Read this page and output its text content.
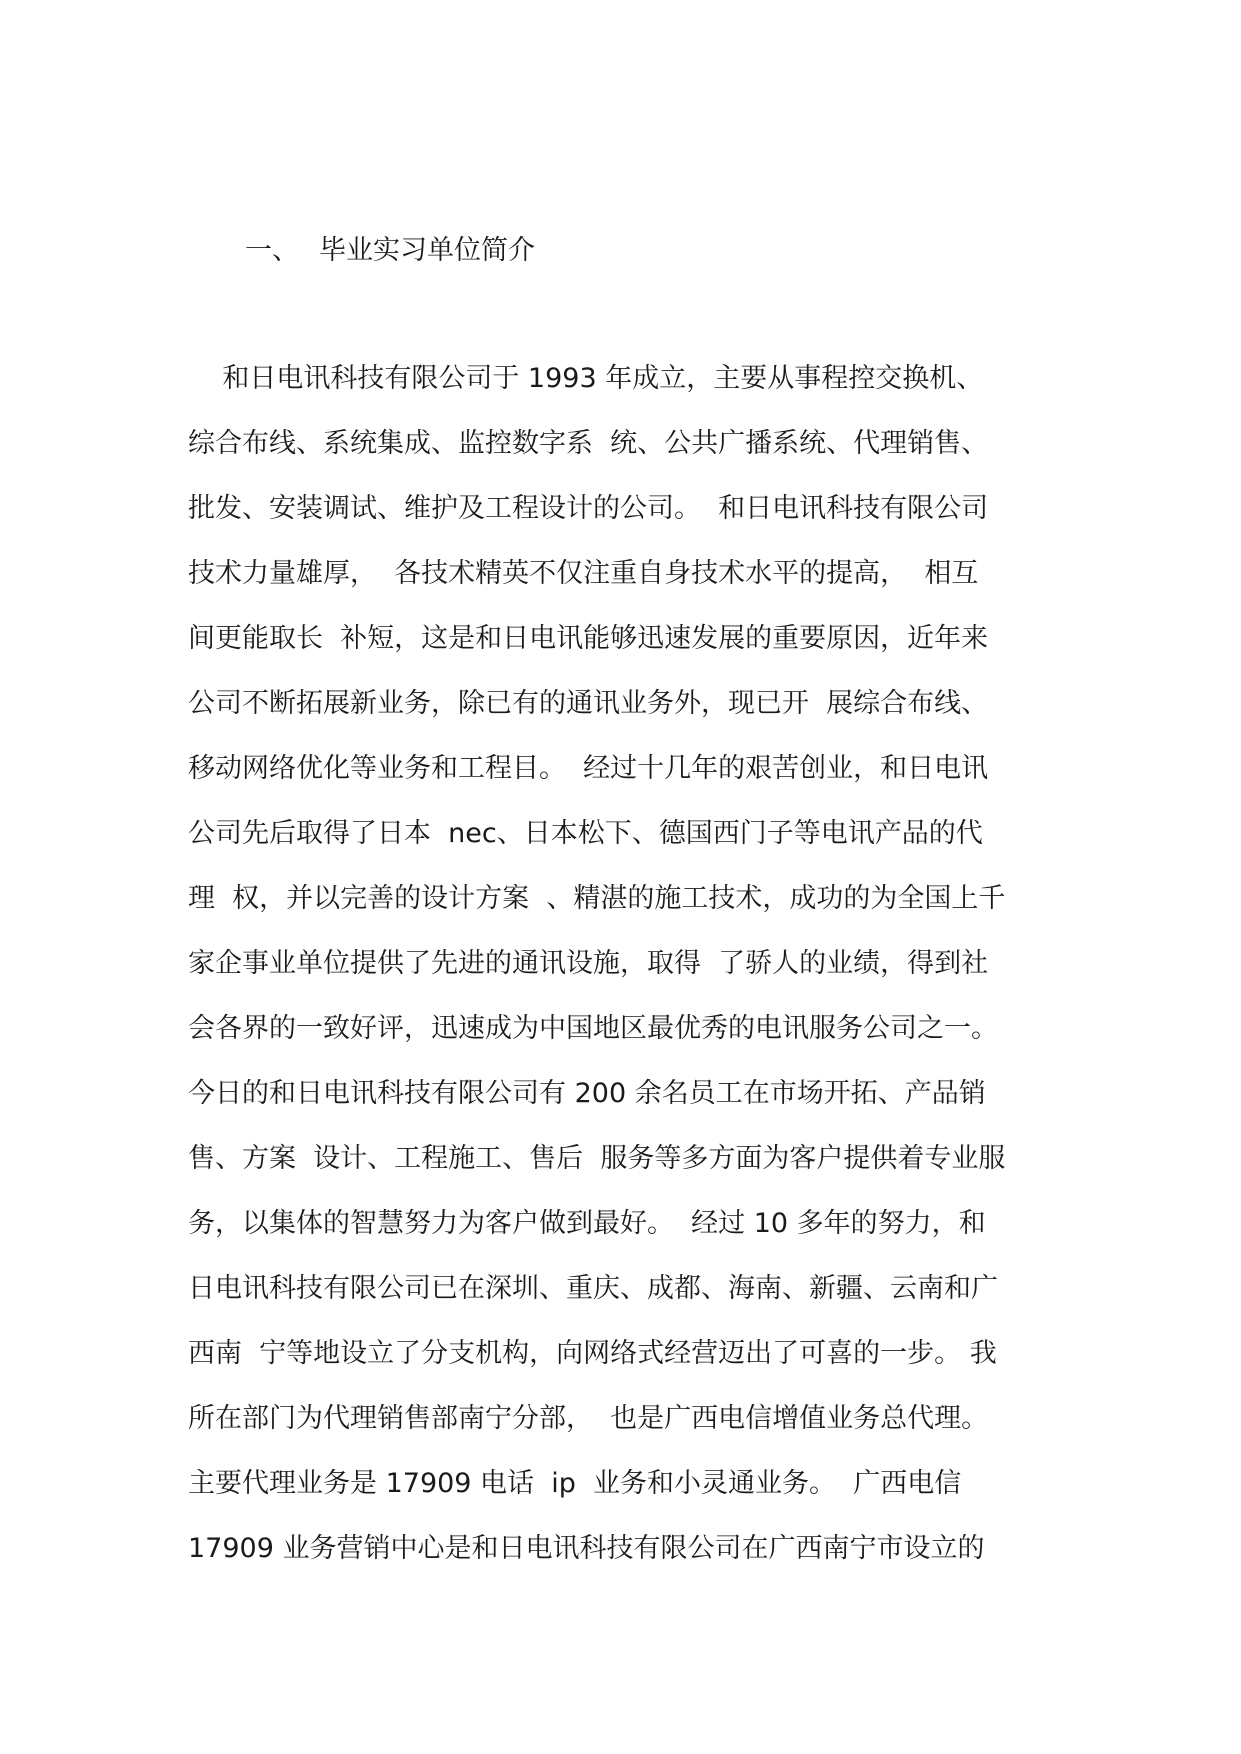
一、 毕业实习单位简介
和日电讯科技有限公司于 1993 年成立，主要从事程控交换机、
综合布线、系统集成、监控数字系  统、公共广播系统、代理销售、
批发、安装调试、维护及工程设计的公司。  和日电讯科技有限公司
技术力量雄厚，  各技术精英不仅注重自身技术水平的提高，  相互
间更能取长  补短，这是和日电讯能够迅速发展的重要原因，近年来
公司不断拓展新业务，除已有的通讯业务外，现已开  展综合布线、
移动网络优化等业务和工程目。  经过十几年的艰苦创业，和日电讯
公司先后取得了日本  nec、日本松下、德国西门子等电讯产品的代
理  权，并以完善的设计方案  、精湛的施工技术，成功的为全国上千
家企事业单位提供了先进的通讯设施，取得  了骄人的业绩，得到社
会各界的一致好评，迅速成为中国地区最优秀的电讯服务公司之一。
今日的和日电讯科技有限公司有 200 余名员工在市场开拓、产品销
售、方案  设计、工程施工、售后  服务等多方面为客户提供着专业服
务，以集体的智慧努力为客户做到最好。  经过 10 多年的努力，和
日电讯科技有限公司已在深圳、重庆、成都、海南、新疆、云南和广
西南  宁等地设立了分支机构，向网络式经营迈出了可喜的一步。 我
所在部门为代理销售部南宁分部，  也是广西电信增值业务总代理。
主要代理业务是 17909 电话  ip  业务和小灵通业务。  广西电信
17909 业务营销中心是和日电讯科技有限公司在广西南宁市设立的
